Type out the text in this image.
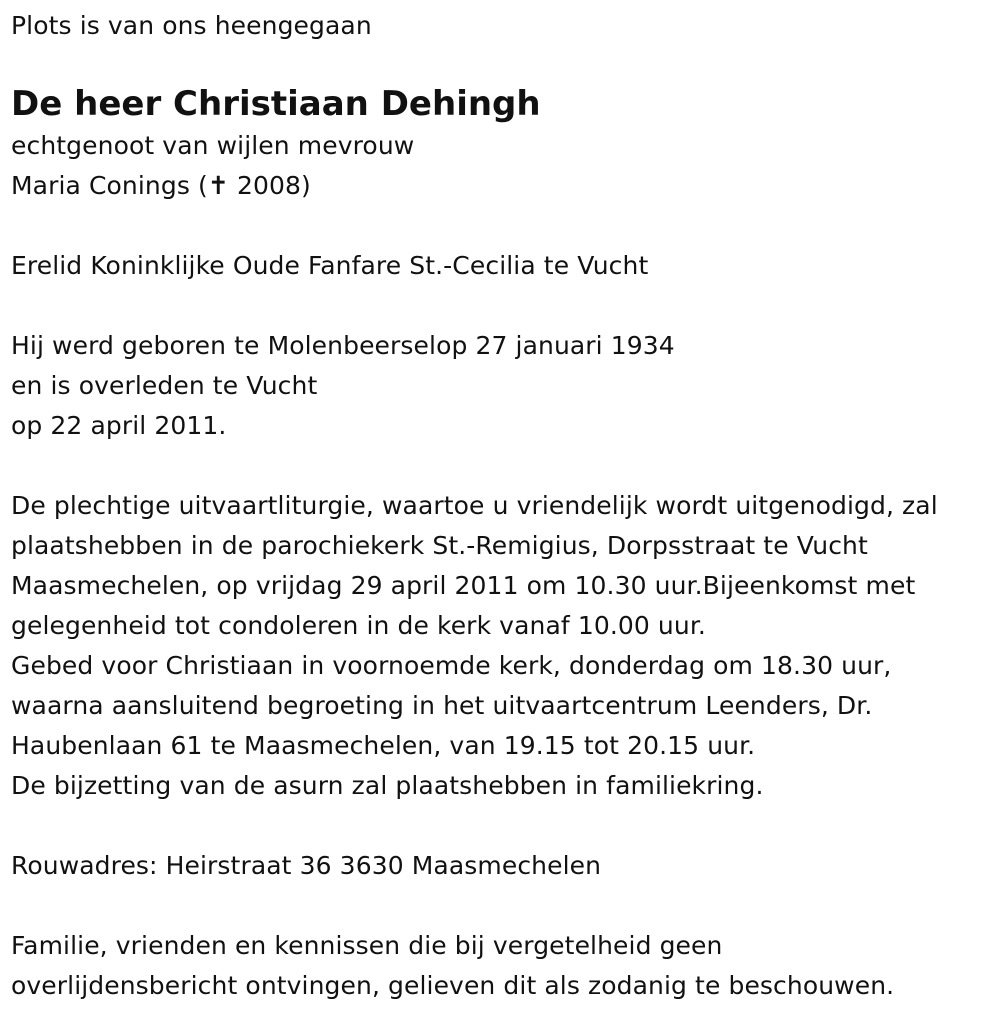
Plots is van ons heengegaan
De heer Christiaan Dehingh
echtgenoot van wijlen mevrouw
Maria Conings (✝ 2008)
Erelid Koninklijke Oude Fanfare St.-Cecilia te Vucht
Hij werd geboren te Molenbeerselop 27 januari 1934
en is overleden te Vucht
op 22 april 2011.
De plechtige uitvaartliturgie, waartoe u vriendelijk wordt uitgenodigd, zal
plaatshebben in de parochiekerk St.-Remigius, Dorpsstraat te Vucht
Maasmechelen, op vrijdag 29 april 2011 om 10.30 uur.Bijeenkomst met
gelegenheid tot condoleren in de kerk vanaf 10.00 uur.
Gebed voor Christiaan in voornoemde kerk, donderdag om 18.30 uur,
waarna aansluitend begroeting in het uitvaartcentrum Leenders, Dr.
Haubenlaan 61 te Maasmechelen, van 19.15 tot 20.15 uur.
De bijzetting van de asurn zal plaatshebben in familiekring.
Rouwadres: Heirstraat 36 3630 Maasmechelen
Familie, vrienden en kennissen die bij vergetelheid geen
overlijdensbericht ontvingen, gelieven dit als zodanig te beschouwen.
